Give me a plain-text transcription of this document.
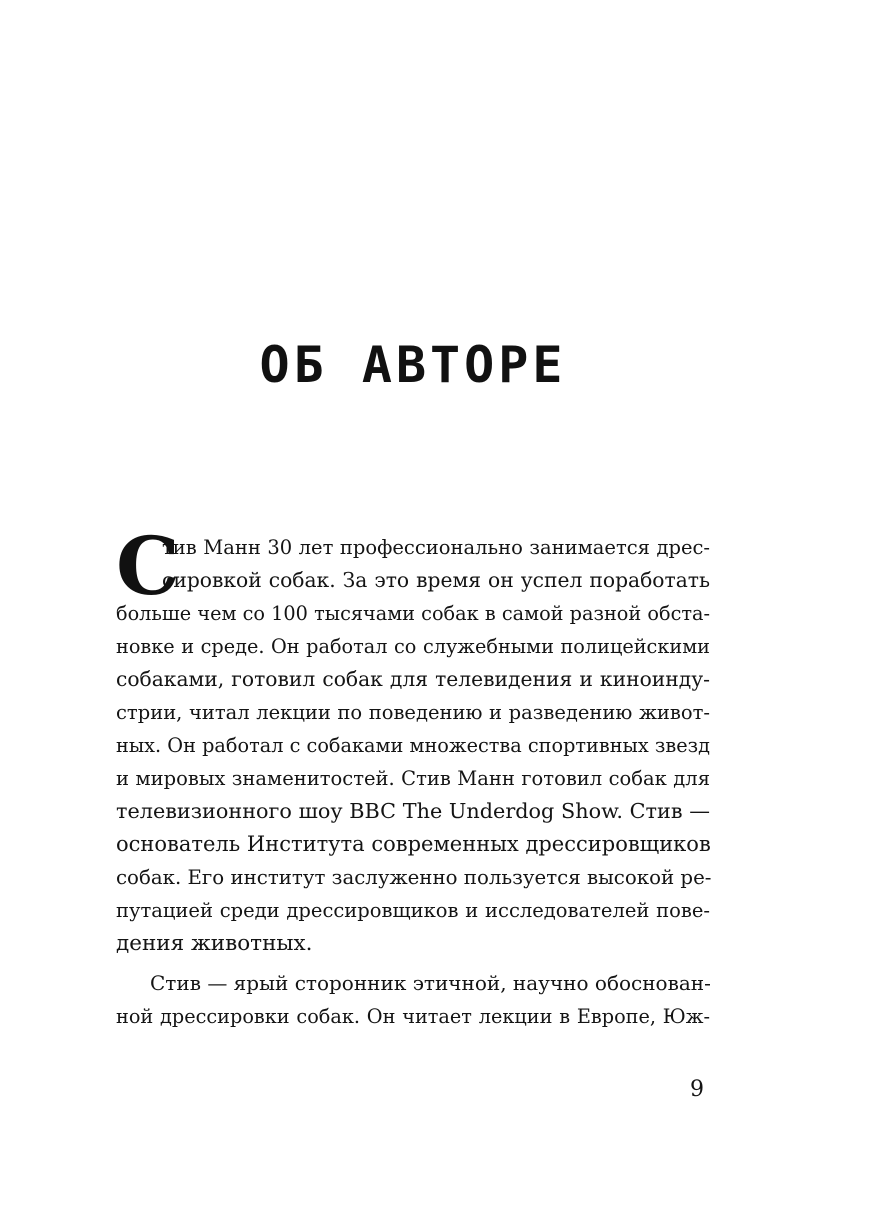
ОБ АВТОРЕ
С
тив Манн 30 лет профессионально занимается дрес-
сировкой собак. За это время он успел поработать
больше чем со 100 тысячами собак в самой разной обста-
новке и среде. Он работал со служебными полицейскими
собаками, готовил собак для телевидения и киноинду-
стрии, читал лекции по поведению и разведению живот-
ных. Он работал с собаками множества спортивных звезд
и мировых знаменитостей. Стив Манн готовил собак для
телевизионного шоу BBC The Underdog Show. Стив —
основатель Института современных дрессировщиков
собак. Его институт заслуженно пользуется высокой ре-
путацией среди дрессировщиков и исследователей пове-
дения животных.
Стив — ярый сторонник этичной, научно обоснован-
ной дрессировки собак. Он читает лекции в Европе, Юж-
9
